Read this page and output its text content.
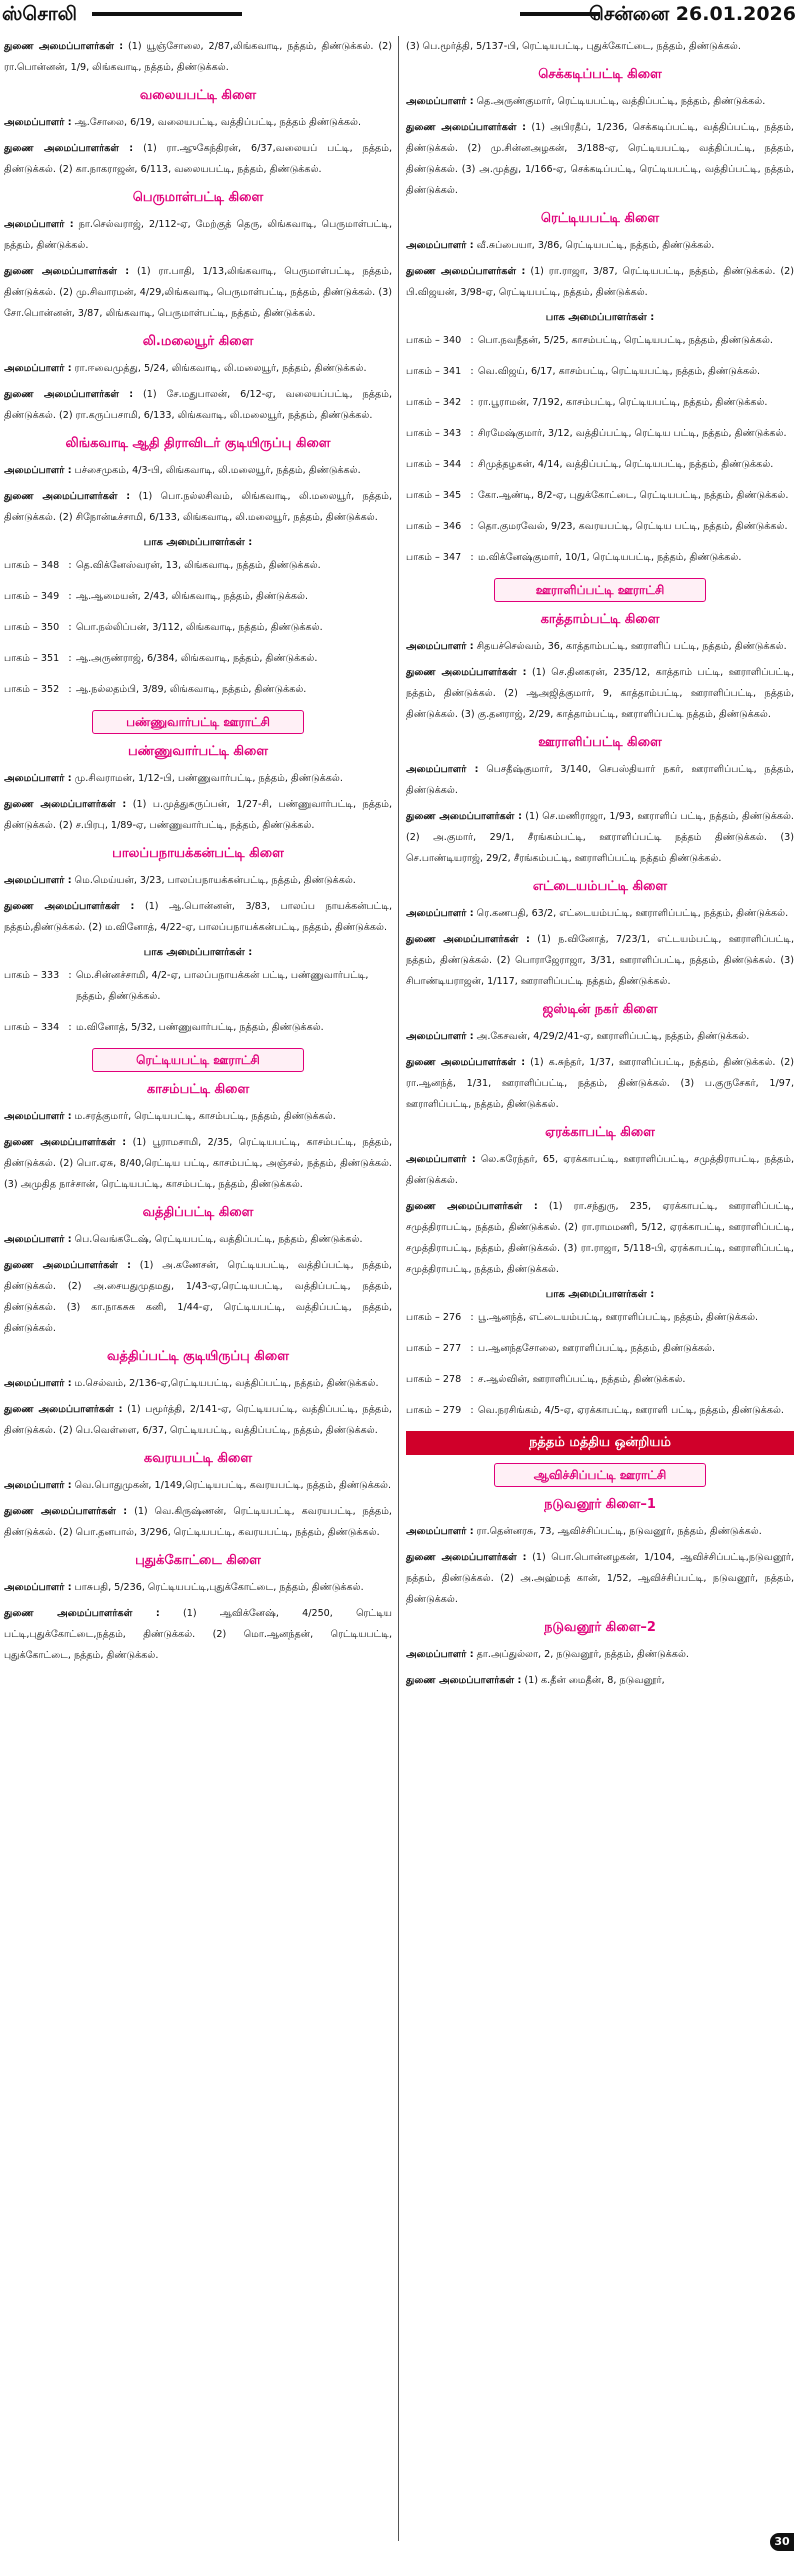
ஸ்சொலி	சென்னை 26.01.2026
துணை அமைப்பாளர்கள் : (1) யூஞ்சோலை, 2/87,லிங்கவாடி, நத்தம், திண்டுக்கல். (2) ரா.பொன்னன், 1/9, லிங்கவாடி, நத்தம், திண்டுக்கல்.
வலையபட்டி கிளை
அமைப்பாளர் : ஆ.சோலை, 6/19, வலையபட்டி, வத்திப்பட்டி, நத்தம் திண்டுக்கல்.
துணை அமைப்பாளர்கள் : (1) ரா.ஆுகேந்திரன், 6/37,வலையப் பட்டி, நத்தம், திண்டுக்கல். (2) கா.நாகராஜன், 6/113, வலையபட்டி, நத்தம், திண்டுக்கல்.
பெருமாள்பட்டி கிளை
அமைப்பாளர் : நா.செல்வராஜ், 2/112-ஏ, மேற்குத் தெரு, லிங்கவாடி, பெருமாள்பட்டி, நத்தம், திண்டுக்கல்.
துணை அமைப்பாளர்கள் : (1) ரா.பாதி, 1/13,லிங்கவாடி, பெருமாள்பட்டி, நத்தம், திண்டுக்கல். (2) மு.சிவாரமன், 4/29,லிங்கவாடி, பெருமாள்பட்டி, நத்தம், திண்டுக்கல். (3) சோ.பொன்னன், 3/87, லிங்கவாடி, பெருமாள்பட்டி, நத்தம், திண்டுக்கல்.
லி.மலையூர் கிளை
அமைப்பாளர் : ரா.ஈவைமுத்து, 5/24, லிங்கவாடி, லி.மலையூர், நத்தம், திண்டுக்கல்.
துணை அமைப்பாளர்கள் : (1) சே.மதுபாலன், 6/12-ஏ, வலையப்பட்டி, நத்தம், திண்டுக்கல். (2) ரா.கருப்பசாமி, 6/133, லிங்கவாடி, லி.மலையூர், நத்தம், திண்டுக்கல்.
லிங்கவாடி ஆதி திராவிடர் குடியிருப்பு கிளை
அமைப்பாளர் : பச்சைமுகம், 4/3-பி, லிங்கவாடி, லி.மலையூர், நத்தம், திண்டுக்கல்.
துணை அமைப்பாளர்கள் : (1) பொ.நல்லசிவம், லிங்கவாடி, லி.மலையூர், நத்தம், திண்டுக்கல். (2) சிநோன்டீச்சாமி, 6/133, லிங்கவாடி, லி.மலையூர், நத்தம், திண்டுக்கல்.
பாக அமைப்பாளர்கள் :
பாகம் – 348 : தெ.விக்னேஸ்வரன், 13, லிங்கவாடி, நத்தம், திண்டுக்கல்.
பாகம் – 349 : ஆ.ஆமையன், 2/43, லிங்கவாடி, நத்தம், திண்டுக்கல்.
பாகம் – 350 : பொ.நல்லிப்பன், 3/112, லிங்கவாடி, நத்தம், திண்டுக்கல்.
பாகம் – 351 : ஆ.அருண்ராஜ், 6/384, லிங்கவாடி, நத்தம், திண்டுக்கல்.
பாகம் – 352 : ஆ.நல்லதம்பி, 3/89, லிங்கவாடி, நத்தம், திண்டுக்கல்.
பண்ணுவார்பட்டி ஊராட்சி
பண்ணுவார்பட்டி கிளை
அமைப்பாளர் : மு.சிவராமன், 1/12-பி, பண்ணுவார்பட்டி, நத்தம், திண்டுக்கல்.
துணை அமைப்பாளர்கள் : (1) ப.முத்துகருப்பன், 1/27-சி, பண்ணுவார்பட்டி, நத்தம், திண்டுக்கல். (2) ச.பிரபு, 1/89-ஏ, பண்ணுவார்பட்டி, நத்தம், திண்டுக்கல்.
பாலப்பநாயக்கன்பட்டி கிளை
அமைப்பாளர் : மெ.மெய்யன், 3/23, பாலப்பநாயக்கன்பட்டி, நத்தம், திண்டுக்கல்.
துணை அமைப்பாளர்கள் : (1) ஆ.பொன்னன், 3/83, பாலப்ப நாயக்கன்பட்டி, நத்தம்,திண்டுக்கல். (2) ம.வினோத், 4/22-ஏ, பாலப்பநாயக்கன்பட்டி, நத்தம், திண்டுக்கல்.
பாக அமைப்பாளர்கள் :
பாகம் – 333 : மெ.சின்னச்சாமி, 4/2-ஏ, பாலப்பநாயக்கன் பட்டி, பண்ணுவார்பட்டி, நத்தம், திண்டுக்கல்.
பாகம் – 334 : ம.வினோத், 5/32, பண்ணுவார்பட்டி, நத்தம், திண்டுக்கல்.
ரெட்டியபட்டி ஊராட்சி
காசம்பட்டி கிளை
அமைப்பாளர் : ம.சரத்குமார், ரெட்டியபட்டி, காசம்பட்டி, நத்தம், திண்டுக்கல்.
துணை அமைப்பாளர்கள் : (1) பூராமசாமி, 2/35, ரெட்டியபட்டி, காசம்பட்டி, நத்தம், திண்டுக்கல். (2) பொ.ஏசு, 8/40,ரெட்டிய பட்டி, காசம்பட்டி, அஞ்சல், நத்தம், திண்டுக்கல். (3) அமுதித நாச்சான், ரெட்டியபட்டி, காசம்பட்டி, நத்தம், திண்டுக்கல்.
வத்திப்பட்டி கிளை
அமைப்பாளர் : பெ.வெங்கடேஷ், ரெட்டியபட்டி, வத்திப்பட்டி, நத்தம், திண்டுக்கல்.
துணை அமைப்பாளர்கள் : (1) அ.கணேசன், ரெட்டியபட்டி, வத்திப்பட்டி, நத்தம், திண்டுக்கல். (2) அ.சையதுமுதமது, 1/43-ஏ,ரெட்டியபட்டி, வத்திப்பட்டி, நத்தம், திண்டுக்கல். (3) கா.நாகசுசு கனி, 1/44-ஏ, ரெட்டியபட்டி, வத்திப்பட்டி, நத்தம், திண்டுக்கல்.
வத்திப்பட்டி குடியிருப்பு கிளை
அமைப்பாளர் : ம.செல்வம், 2/136-ஏ,ரெட்டியபட்டி, வத்திப்பட்டி, நத்தம், திண்டுக்கல்.
துணை அமைப்பாளர்கள் : (1) பமூர்த்தி, 2/141-ஏ, ரெட்டியபட்டி, வத்திப்பட்டி, நத்தம், திண்டுக்கல். (2) பெ.வெள்ளை, 6/37, ரெட்டியபட்டி, வத்திப்பட்டி, நத்தம், திண்டுக்கல்.
கவரயபட்டி கிளை
அமைப்பாளர் : வெ.பொதுமுகன், 1/149,ரெட்டியபட்டி, கவரயபட்டி, நத்தம், திண்டுக்கல்.
துணை அமைப்பாளர்கள் : (1) வெ.கிருஷ்ணன், ரெட்டியபட்டி, கவரயபட்டி, நத்தம், திண்டுக்கல். (2) பொ.தனபால், 3/296, ரெட்டியபட்டி, கவரயபட்டி, நத்தம், திண்டுக்கல்.
புதுக்கோட்டை கிளை
அமைப்பாளர் : பாசுபதி, 5/236, ரெட்டியபட்டி,புதுக்கோட்டை, நத்தம், திண்டுக்கல்.
துணை அமைப்பாளர்கள் : (1) ஆவிக்னேஷ், 4/250, ரெட்டிய பட்டி,புதுக்கோட்டை,நத்தம், திண்டுக்கல். (2) மொ.ஆனந்தன், ரெட்டியபட்டி, புதுக்கோட்டை, நத்தம், திண்டுக்கல்.
(3) பெ.மூர்த்தி, 5/137-பி, ரெட்டியபட்டி, புதுக்கோட்டை, நத்தம், திண்டுக்கல்.
செக்கடிப்பட்டி கிளை
அமைப்பாளர் : தெ.அருண்குமார், ரெட்டியபட்டி, வத்திப்பட்டி, நத்தம், திண்டுக்கல்.
துணை அமைப்பாளர்கள் : (1) அபிரதீப், 1/236, செக்கடிப்பட்டி, வத்திப்பட்டி, நத்தம், திண்டுக்கல். (2) மு.சின்னஅழகன், 3/188-ஏ, ரெட்டியபட்டி, வத்திப்பட்டி, நத்தம், திண்டுக்கல். (3) அ.முத்து, 1/166-ஏ, செக்கடிப்பட்டி, ரெட்டியபட்டி, வத்திப்பட்டி, நத்தம், திண்டுக்கல்.
ரெட்டியபட்டி கிளை
அமைப்பாளர் : வீ.சுப்பையா, 3/86, ரெட்டியபட்டி, நத்தம், திண்டுக்கல்.
துணை அமைப்பாளர்கள் : (1) ரா.ராஜா, 3/87, ரெட்டியபட்டி, நத்தம், திண்டுக்கல். (2) பி.விஜயன், 3/98-ஏ, ரெட்டியபட்டி, நத்தம், திண்டுக்கல்.
பாக அமைப்பாளர்கள் :
பாகம் – 340 : பொ.நவநீதன், 5/25, காசம்பட்டி, ரெட்டியபட்டி, நத்தம், திண்டுக்கல்.
பாகம் – 341 : வெ.விஜய், 6/17, காசம்பட்டி, ரெட்டியபட்டி, நத்தம், திண்டுக்கல்.
பாகம் – 342 : ரா.பூராமன், 7/192, காசம்பட்டி, ரெட்டியபட்டி, நத்தம், திண்டுக்கல்.
பாகம் – 343 : சிரமேஷ்குமார், 3/12, வத்திப்பட்டி, ரெட்டிய பட்டி, நத்தம், திண்டுக்கல்.
பாகம் – 344 : சிமுத்தழகன், 4/14, வத்திப்பட்டி, ரெட்டியபட்டி, நத்தம், திண்டுக்கல்.
பாகம் – 345 : கோ.ஆண்டி, 8/2-ஏ, புதுக்கோட்டை, ரெட்டியபட்டி, நத்தம், திண்டுக்கல்.
பாகம் – 346 : தொ.குமரவேல், 9/23, கவரயபட்டி, ரெட்டிய பட்டி, நத்தம், திண்டுக்கல்.
பாகம் – 347 : ம.விக்னேஷ்குமார், 10/1, ரெட்டியபட்டி, நத்தம், திண்டுக்கல்.
ஊராளிப்பட்டி ஊராட்சி
காத்தாம்பட்டி கிளை
அமைப்பாளர் : சிதயச்செல்வம், 36, காத்தாம்பட்டி, ஊராளிப் பட்டி, நத்தம், திண்டுக்கல்.
துணை அமைப்பாளர்கள் : (1) செ.தினகரன், 235/12, காத்தாம் பட்டி, ஊராளிப்பட்டி, நத்தம், திண்டுக்கல். (2) ஆஅஜித்குமார், 9, காத்தாம்பட்டி, ஊராளிப்பட்டி, நத்தம், திண்டுக்கல். (3) கு.தனராஜ், 2/29, காத்தாம்பட்டி, ஊராளிப்பட்டி நத்தம், திண்டுக்கல்.
ஊராளிப்பட்டி கிளை
அமைப்பாளர் : பெசதீஷ்குமார், 3/140, செபஸ்தியார் நகர், ஊராளிப்பட்டி, நத்தம், திண்டுக்கல்.
துணை அமைப்பாளர்கள் : (1) செ.மணிராஜா, 1/93, ஊராளிப் பட்டி, நத்தம், திண்டுக்கல். (2) அ.குமார், 29/1, சீரங்கம்பட்டி, ஊராளிப்பட்டி நத்தம் திண்டுக்கல். (3) செ.பாண்டியராஜ், 29/2, சீரங்கம்பட்டி, ஊராளிப்பட்டி நத்தம் திண்டுக்கல்.
எட்டையம்பட்டி கிளை
அமைப்பாளர் : ரெ.கணபதி, 63/2, எட்டையம்பட்டி, ஊராளிப்பட்டி, நத்தம், திண்டுக்கல்.
துணை அமைப்பாளர்கள் : (1) ந.வினோத், 7/23/1, எட்டயம்பட்டி, ஊராளிப்பட்டி, நத்தம், திண்டுக்கல். (2) பொராஜேராஜா, 3/31, ஊராளிப்பட்டி, நத்தம், திண்டுக்கல். (3) சிபாண்டியராஜன், 1/117, ஊராளிப்பட்டி நத்தம், திண்டுக்கல்.
ஜஸ்டின் நகர் கிளை
அமைப்பாளர் : அ.கேசவன், 4/29/2/41-ஏ, ஊராளிப்பட்டி, நத்தம், திண்டுக்கல்.
துணை அமைப்பாளர்கள் : (1) க.சுந்தர், 1/37, ஊராளிப்பட்டி, நத்தம், திண்டுக்கல். (2) ரா.ஆனந்த், 1/31, ஊராளிப்பட்டி, நத்தம், திண்டுக்கல். (3) ப.குருசேகர், 1/97, ஊராளிப்பட்டி, நத்தம், திண்டுக்கல்.
ஏரக்காபட்டி கிளை
அமைப்பாளர் : லெ.கரேந்தர், 65, ஏரக்காபட்டி, ஊராளிப்பட்டி, சமுத்திராபட்டி, நத்தம், திண்டுக்கல்.
துணை அமைப்பாளர்கள் : (1) ரா.சந்துரு, 235, ஏரக்காபட்டி, ஊராளிப்பட்டி, சமுத்திராபட்டி, நத்தம், திண்டுக்கல். (2) ரா.ராமமணி, 5/12, ஏரக்காபட்டி, ஊராளிப்பட்டி, சமுத்திராபட்டி, நத்தம், திண்டுக்கல். (3) ரா.ராஜா, 5/118-பி, ஏரக்காபட்டி, ஊராளிப்பட்டி, சமுத்திராபட்டி, நத்தம், திண்டுக்கல்.
பாக அமைப்பாளர்கள் :
பாகம் – 276 : பூ.ஆனந்த், எட்டையம்பட்டி, ஊராளிப்பட்டி, நத்தம், திண்டுக்கல்.
பாகம் – 277 : ப.ஆனந்தசோலை, ஊராளிப்பட்டி, நத்தம், திண்டுக்கல்.
பாகம் – 278 : ச.ஆல்வின், ஊராளிப்பட்டி, நத்தம், திண்டுக்கல்.
பாகம் – 279 : வெ.நரசிங்கம், 4/5-ஏ, ஏரக்காபட்டி, ஊராளி பட்டி, நத்தம், திண்டுக்கல்.
நத்தம் மத்திய ஒன்றியம்
ஆவிச்சிப்பட்டி ஊராட்சி
நடுவனூர் கிளை–1
அமைப்பாளர் : ரா.தென்னரசு, 73, ஆவிச்சிப்பட்டி, நடுவனூர், நத்தம், திண்டுக்கல்.
துணை அமைப்பாளர்கள் : (1) பொ.பொன்னழகன், 1/104, ஆவிச்சிப்பட்டி,நடுவனூர், நத்தம், திண்டுக்கல். (2) அ.அஹ்மத் கான், 1/52, ஆவிச்சிப்பட்டி, நடுவனூர், நத்தம், திண்டுக்கல்.
நடுவனூர் கிளை–2
அமைப்பாளர் : தா.அப்துல்லா, 2, நடுவனூர், நத்தம், திண்டுக்கல்.
துணை அமைப்பாளர்கள் : (1) க.தீன் மைதீன், 8, நடுவனூர்,
30
